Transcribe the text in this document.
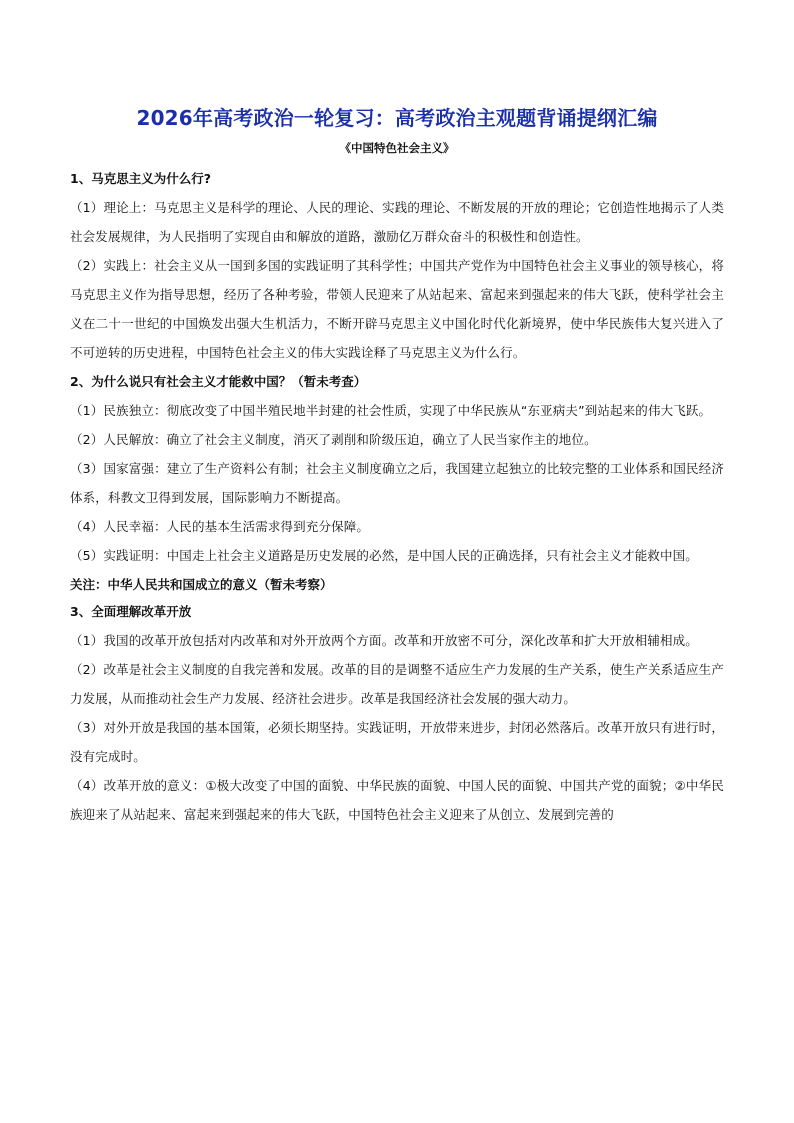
2026年高考政治一轮复习：高考政治主观题背诵提纲汇编
《中国特色社会主义》
1、马克思主义为什么行?

（1）理论上：马克思主义是科学的理论、人民的理论、实践的理论、不断发展的开放的理论；它创造性地揭示了人类社会发展规律，为人民指明了实现自由和解放的道路，激励亿万群众奋斗的积极性和创造性。

（2）实践上：社会主义从一国到多国的实践证明了其科学性；中国共产党作为中国特色社会主义事业的领导核心，将马克思主义作为指导思想，经历了各种考验，带领人民迎来了从站起来、富起来到强起来的伟大飞跃，使科学社会主义在二十一世纪的中国焕发出强大生机活力，不断开辟马克思主义中国化时代化新境界，使中华民族伟大复兴进入了不可逆转的历史进程，中国特色社会主义的伟大实践诠释了马克思主义为什么行。

2、为什么说只有社会主义才能救中国？（暂未考查）

（1）民族独立：彻底改变了中国半殖民地半封建的社会性质，实现了中华民族从“东亚病夫”到站起来的伟大飞跃。

（2）人民解放：确立了社会主义制度，消灭了剥削和阶级压迫，确立了人民当家作主的地位。

（3）国家富强：建立了生产资料公有制；社会主义制度确立之后，我国建立起独立的比较完整的工业体系和国民经济体系，科教文卫得到发展，国际影响力不断提高。

（4）人民幸福：人民的基本生活需求得到充分保障。

（5）实践证明：中国走上社会主义道路是历史发展的必然，是中国人民的正确选择，只有社会主义才能救中国。

关注：中华人民共和国成立的意义（暂未考察）
3、全面理解改革开放

（1）我国的改革开放包括对内改革和对外开放两个方面。改革和开放密不可分，深化改革和扩大开放相辅相成。

（2）改革是社会主义制度的自我完善和发展。改革的目的是调整不适应生产力发展的生产关系，使生产关系适应生产力发展，从而推动社会生产力发展、经济社会进步。改革是我国经济社会发展的强大动力。

（3）对外开放是我国的基本国策，必须长期坚持。实践证明，开放带来进步，封闭必然落后。改革开放只有进行时，没有完成时。

（4）改革开放的意义：①极大改变了中国的面貌、中华民族的面貌、中国人民的面貌、中国共产党的面貌；②中华民族迎来了从站起来、富起来到强起来的伟大飞跃，中国特色社会主义迎来了从创立、发展到完善的
